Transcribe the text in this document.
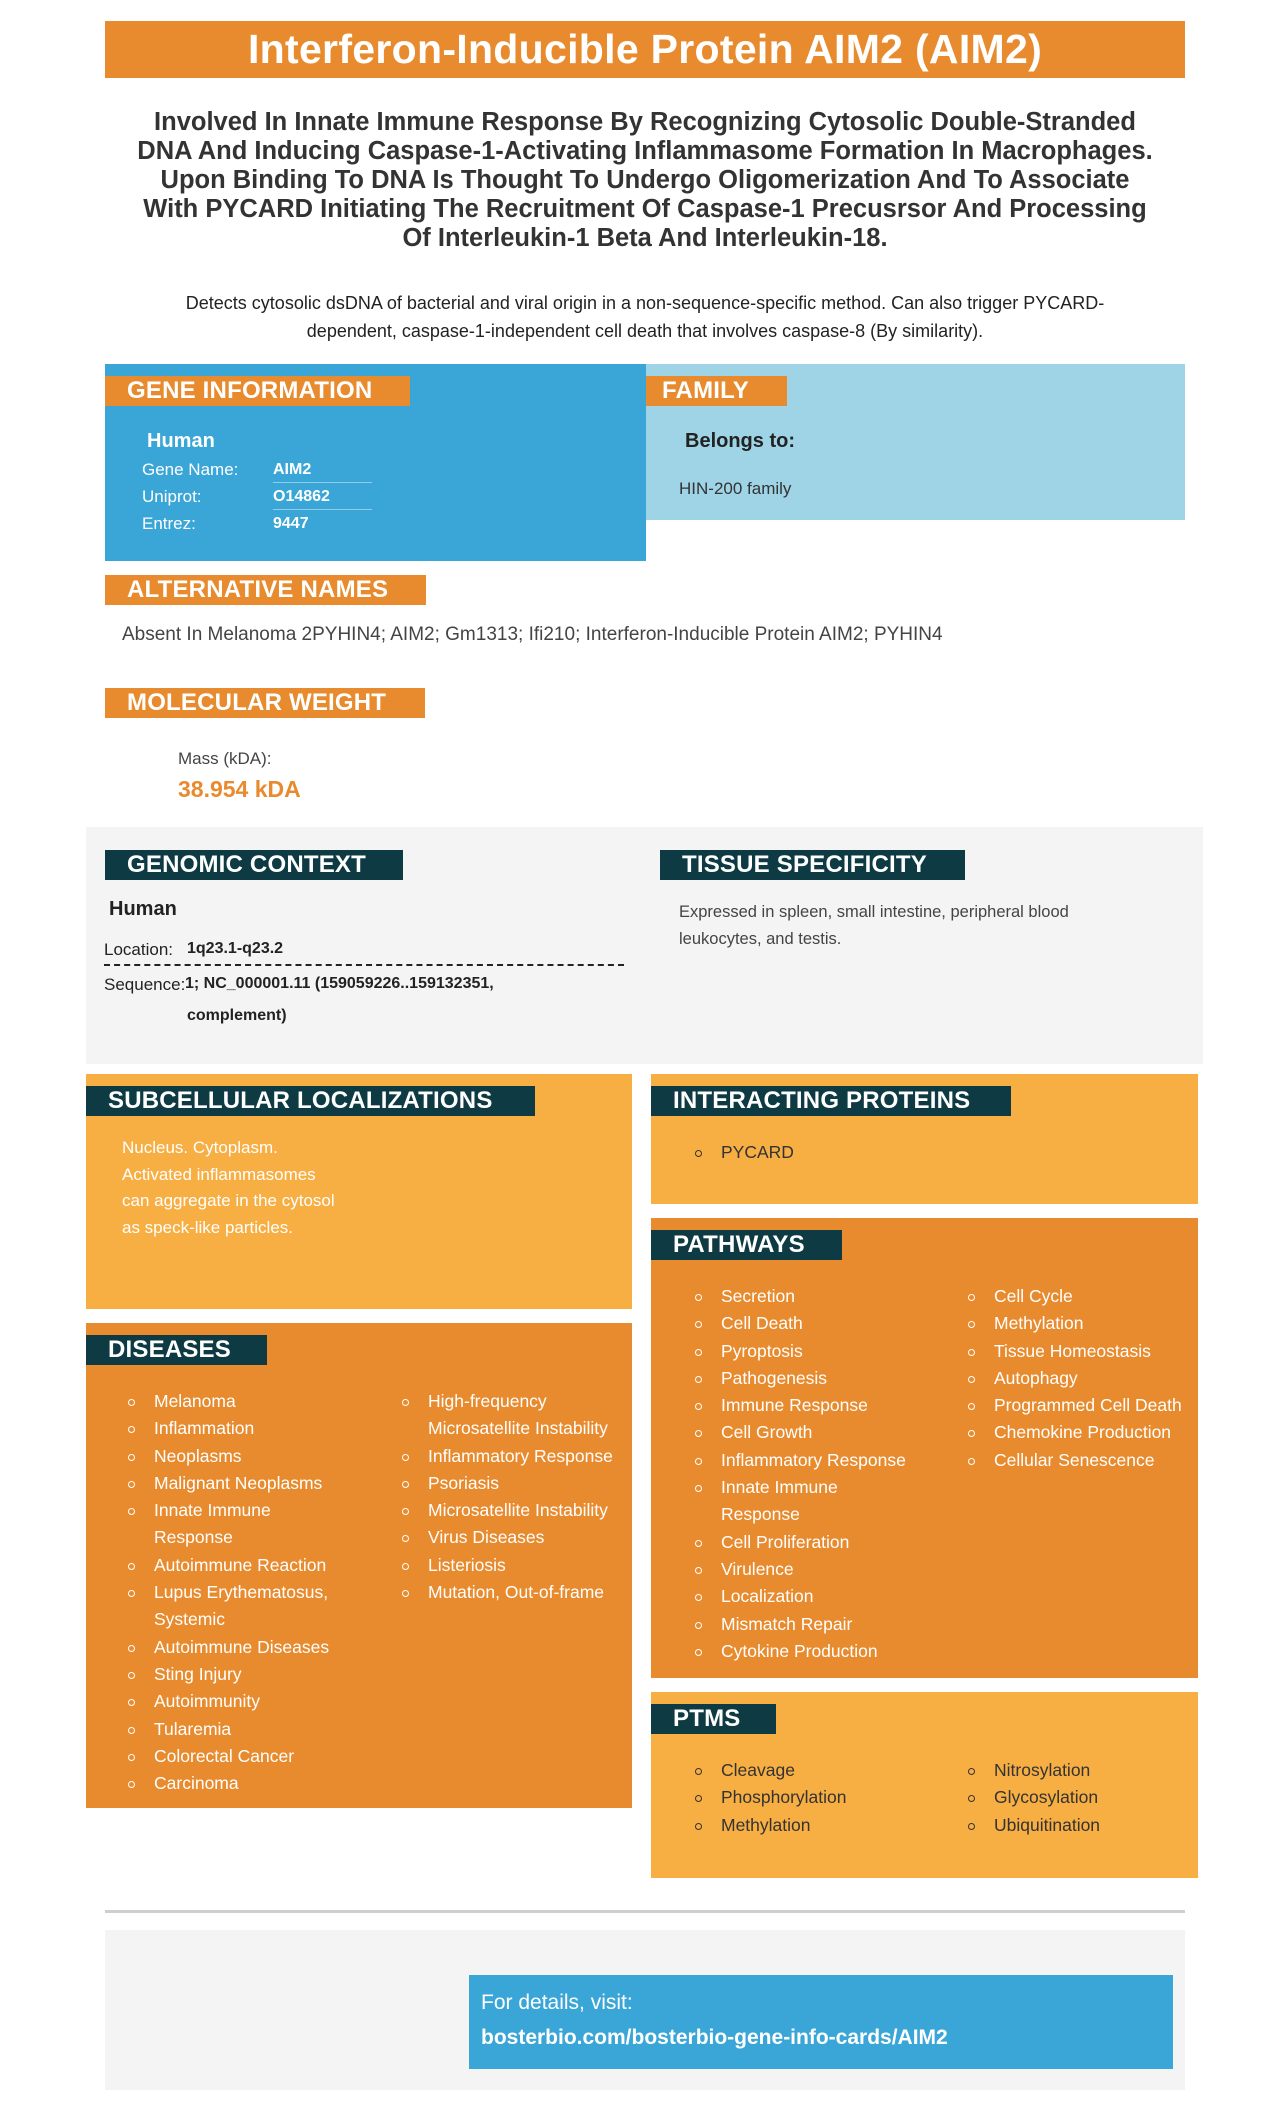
Interferon-Inducible Protein AIM2 (AIM2)
Involved In Innate Immune Response By Recognizing Cytosolic Double-Stranded DNA And Inducing Caspase-1-Activating Inflammasome Formation In Macrophages. Upon Binding To DNA Is Thought To Undergo Oligomerization And To Associate With PYCARD Initiating The Recruitment Of Caspase-1 Precusrsor And Processing Of Interleukin-1 Beta And Interleukin-18.
Detects cytosolic dsDNA of bacterial and viral origin in a non-sequence-specific method. Can also trigger PYCARD-dependent, caspase-1-independent cell death that involves caspase-8 (By similarity).
GENE INFORMATION
Human
Gene Name: AIM2
Uniprot:	O14862
Entrez:	9447
FAMILY
Belongs to:
HIN-200 family
ALTERNATIVE NAMES
Absent In Melanoma 2PYHIN4; AIM2; Gm1313; Ifi210; Interferon-Inducible Protein AIM2; PYHIN4
MOLECULAR WEIGHT
Mass (kDA):
38.954 kDA
GENOMIC CONTEXT
Human
Location: 1q23.1-q23.2
Sequence: 1; NC_000001.11 (159059226..159132351,
complement)
TISSUE SPECIFICITY
Expressed in spleen, small intestine, peripheral blood leukocytes, and testis.
SUBCELLULAR LOCALIZATIONS
Nucleus. Cytoplasm. Activated inflammasomes can aggregate in the cytosol as speck-like particles.
INTERACTING PROTEINS
PYCARD
DISEASES
Melanoma
Inflammation
Neoplasms
Malignant Neoplasms
Innate Immune Response
Autoimmune Reaction
Lupus Erythematosus, Systemic
Autoimmune Diseases
Sting Injury
Autoimmunity
Tularemia
Colorectal Cancer
Carcinoma
High-frequency Microsatellite Instability
Inflammatory Response
Psoriasis
Microsatellite Instability
Virus Diseases
Listeriosis
Mutation, Out-of-frame
PATHWAYS
Secretion
Cell Death
Pyroptosis
Pathogenesis
Immune Response
Cell Growth
Inflammatory Response
Innate Immune Response
Cell Proliferation
Virulence
Localization
Mismatch Repair
Cytokine Production
Cell Cycle
Methylation
Tissue Homeostasis
Autophagy
Programmed Cell Death
Chemokine Production
Cellular Senescence
PTMS
Cleavage
Phosphorylation
Methylation
Nitrosylation
Glycosylation
Ubiquitination
For details, visit:
bosterbio.com/bosterbio-gene-info-cards/AIM2
